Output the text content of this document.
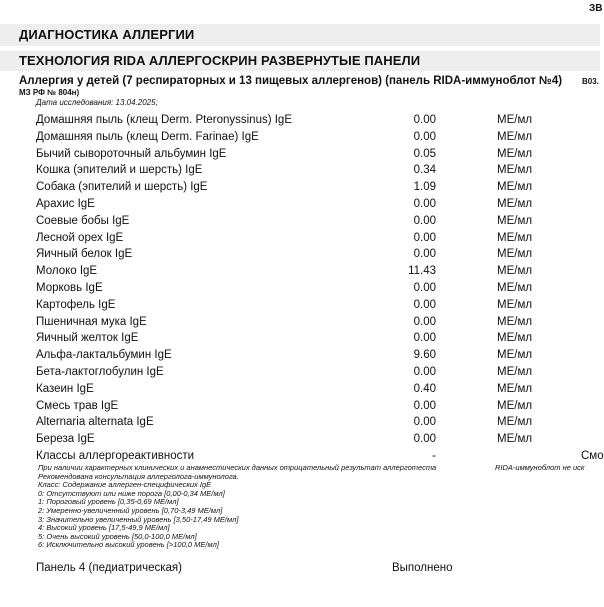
ЗВ
ДИАГНОСТИКА АЛЛЕРГИИ
ТЕХНОЛОГИЯ RIDA АЛЛЕРГОСКРИН РАЗВЕРНУТЫЕ ПАНЕЛИ
Аллергия у детей (7 респираторных и 13 пищевых аллергенов) (панель RIDA-иммуноблот №4) В03.
МЗ РФ № 804н)
Дата исследования: 13.04.2025;
Домашняя пыль (клещ Derm. Pteronyssinus) IgE	0.00	МЕ/мл
Домашняя пыль (клещ Derm. Farinae) IgE	0.00	МЕ/мл
Бычий сывороточный альбумин IgE	0.05	МЕ/мл
Кошка (эпителий и шерсть) IgE	0.34	МЕ/мл
Собака (эпителий и шерсть) IgE	1.09	МЕ/мл
Арахис IgE	0.00	МЕ/мл
Соевые бобы IgE	0.00	МЕ/мл
Лесной орех IgE	0.00	МЕ/мл
Яичный белок IgE	0.00	МЕ/мл
Молоко IgE	11.43	МЕ/мл
Морковь IgE	0.00	МЕ/мл
Картофель IgE	0.00	МЕ/мл
Пшеничная мука IgE	0.00	МЕ/мл
Яичный желток IgE	0.00	МЕ/мл
Альфа-лактальбумин IgE	9.60	МЕ/мл
Бета-лактоглобулин IgE	0.00	МЕ/мл
Казеин IgE	0.40	МЕ/мл
Смесь трав IgE	0.00	МЕ/мл
Alternaria alternata IgE	0.00	МЕ/мл
Береза IgE	0.00	МЕ/мл
Классы аллергореактивности	-	Смо
При наличии характерных клинических и анамнестических данных отрицательный результат аллерготеста	RIDA-иммуноблот не иск
Рекомендована консультация аллерголога-иммунолога.
Класс: Содержание аллерген-специфических IgE
0: Отсутствуют или ниже порога [0,00-0,34 МЕ/мл]
1: Пороговый уровень [0,35-0,69 МЕ/мл]
2: Умеренно-увеличенный уровень [0,70-3,49 МЕ/мл]
3: Значительно увеличенный уровень [3,50-17,49 МЕ/мл]
4: Высокий уровень [17,5-49,9 МЕ/мл]
5: Очень высокий уровень [50,0-100,0 МЕ/мл]
6: Исключительно высокий уровень [>100,0 МЕ/мл]
Панель 4 (педиатрическая)	Выполнено
